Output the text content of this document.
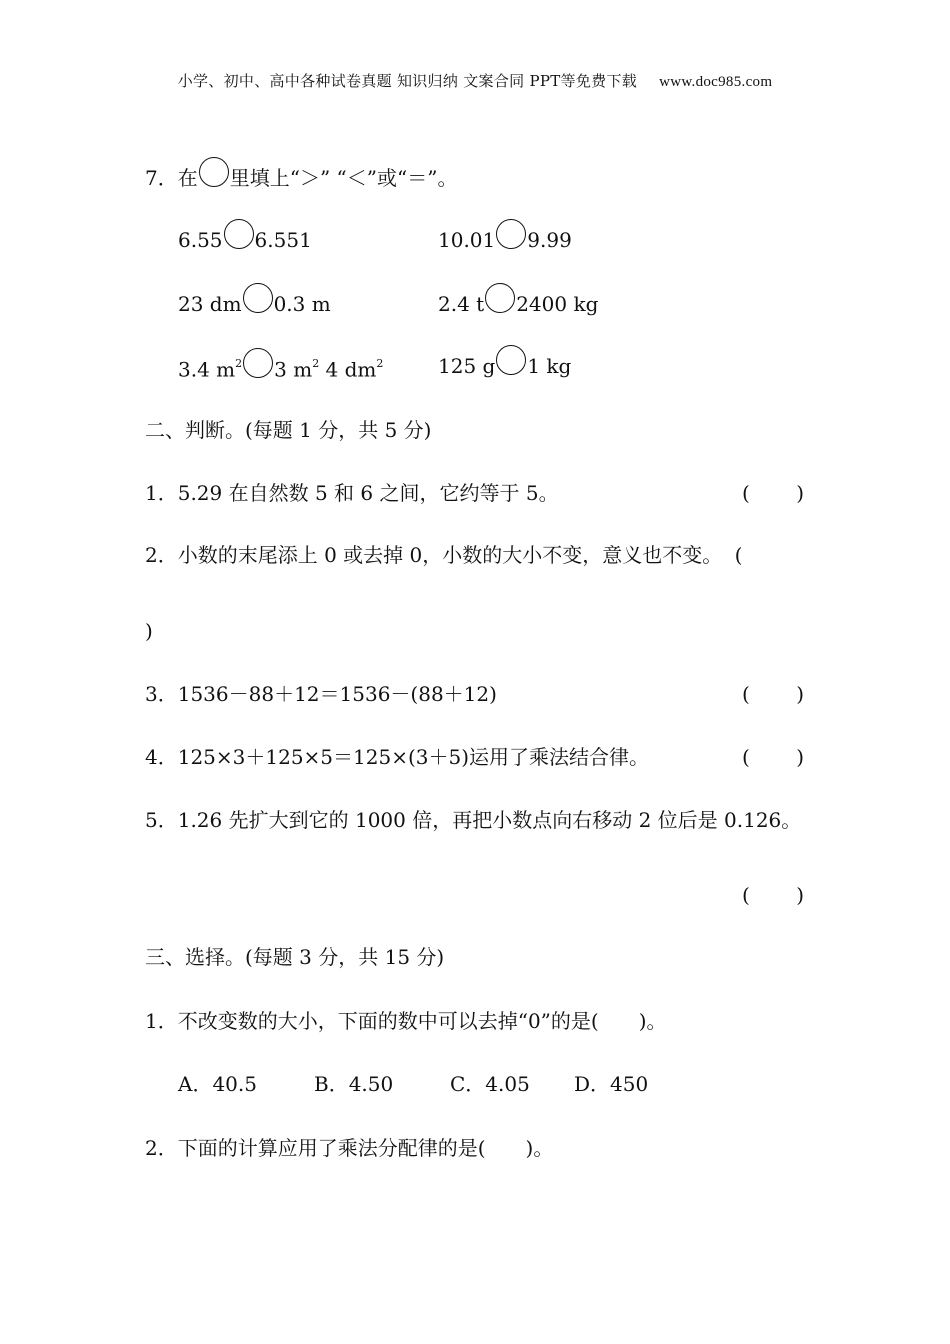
小学、初中、高中各种试卷真题 知识归纳 文案合同 PPT等免费下载 www.doc985.com
7．在 里填上“＞” “＜”或“＝”。
6.55 6.551	10.01 9.99
23 dm 0.3 m	2.4 t 2400 kg
3.4 $m^2$ 3 $m^2$ 4 $dm^2$	125 g 1 kg
二、判断。(每题 1 分，共 5 分)
1．5.29 在自然数 5 和 6 之间，它约等于 5。	( )
2．小数的末尾添上 0 或去掉 0，小数的大小不变，意义也不变。 (
)
3．1536－88＋12＝1536－(88＋12)	( )
4．125×3＋125×5＝125×(3＋5)运用了乘法结合律。	( )
5．1.26 先扩大到它的 1000 倍，再把小数点向右移动 2 位后是 0.126。
( )
三、选择。(每题 3 分，共 15 分)
1．不改变数的大小，下面的数中可以去掉“0”的是(　　)。
A．40.5	B．4.50	C．4.05 D．450
2．下面的计算应用了乘法分配律的是(　　)。
